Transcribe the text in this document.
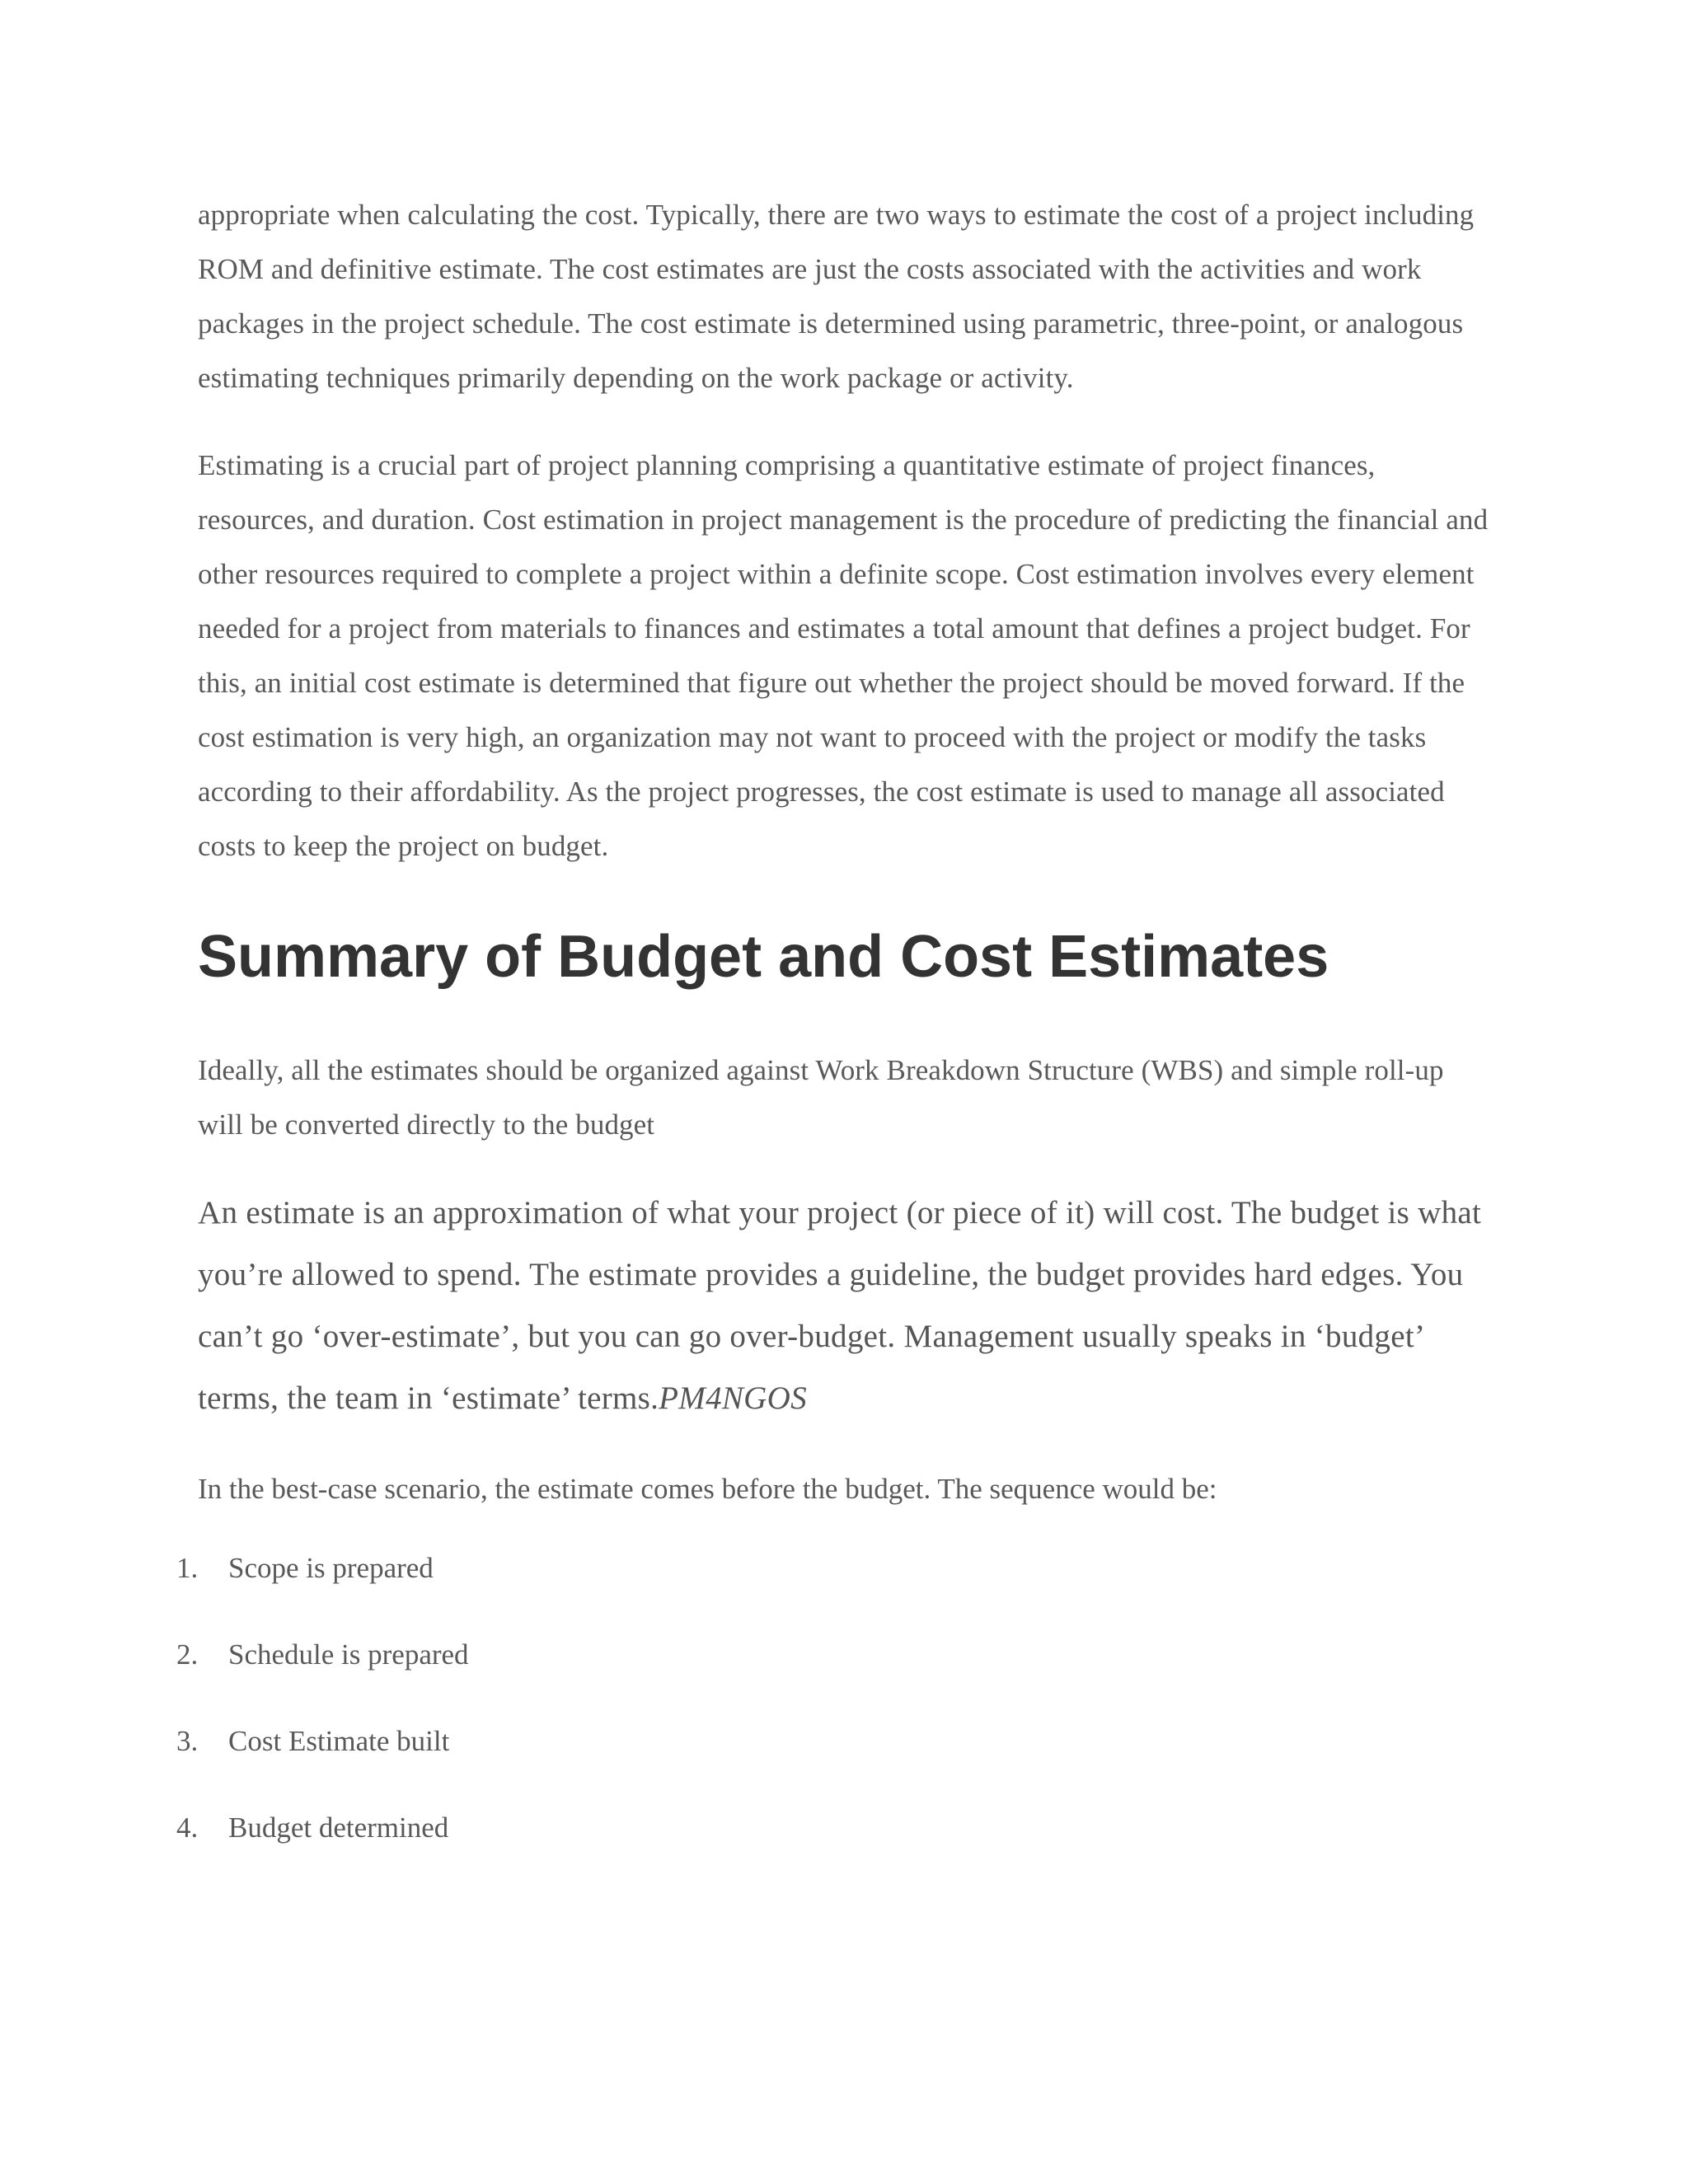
appropriate when calculating the cost. Typically, there are two ways to estimate the cost of a project including ROM and definitive estimate. The cost estimates are just the costs associated with the activities and work packages in the project schedule. The cost estimate is determined using parametric, three-point, or analogous estimating techniques primarily depending on the work package or activity.

Estimating is a crucial part of project planning comprising a quantitative estimate of project finances, resources, and duration. Cost estimation in project management is the procedure of predicting the financial and other resources required to complete a project within a definite scope. Cost estimation involves every element needed for a project from materials to finances and estimates a total amount that defines a project budget. For this, an initial cost estimate is determined that figure out whether the project should be moved forward. If the cost estimation is very high, an organization may not want to proceed with the project or modify the tasks according to their affordability. As the project progresses, the cost estimate is used to manage all associated costs to keep the project on budget.

Summary of Budget and Cost Estimates

Ideally, all the estimates should be organized against Work Breakdown Structure (WBS) and simple roll-up will be converted directly to the budget

An estimate is an approximation of what your project (or piece of it) will cost. The budget is what you’re allowed to spend. The estimate provides a guideline, the budget provides hard edges. You can’t go ‘over-estimate’, but you can go over-budget. Management usually speaks in ‘budget’ terms, the team in ‘estimate’ terms.PM4NGOS

In the best-case scenario, the estimate comes before the budget. The sequence would be:

1. Scope is prepared
2. Schedule is prepared
3. Cost Estimate built
4. Budget determined
